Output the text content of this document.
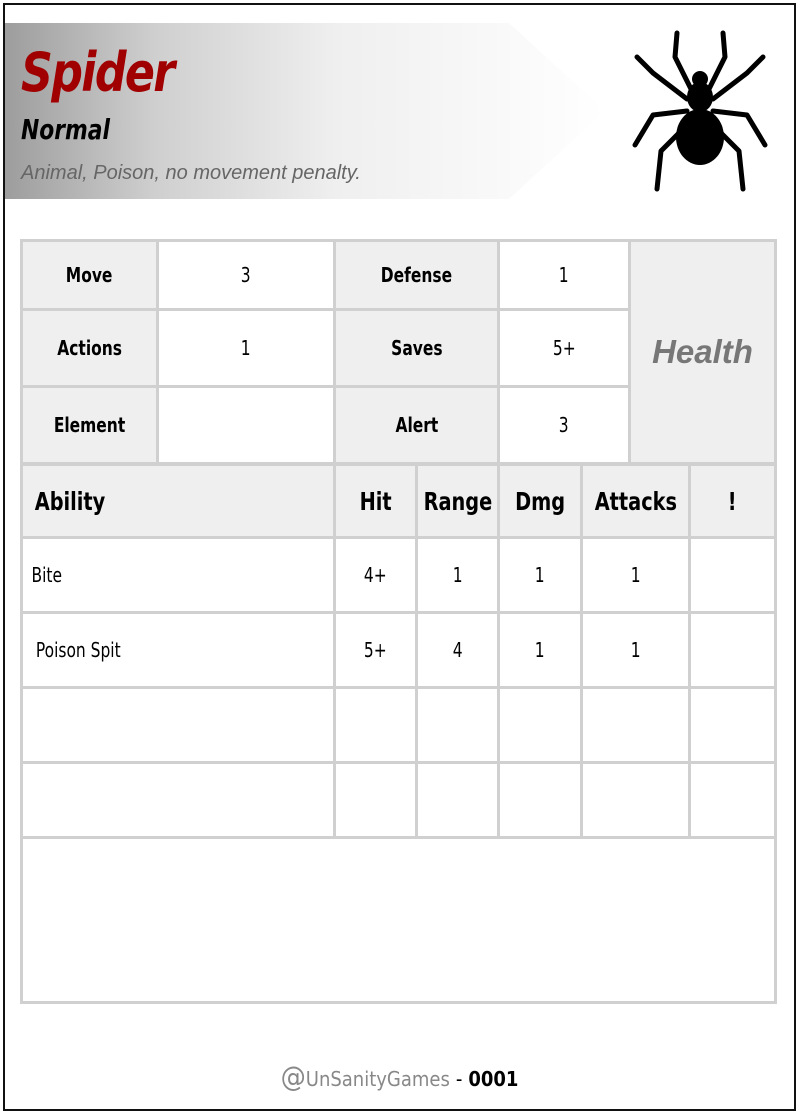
Spider
Normal

Animal, Poison, no movement penalty.

Move	3	Defense	1	Health
Actions	1	Saves	5+	
Element		Alert	3	
Ability	Hit	Range	Dmg	Attacks	!
Bite	4+	1	1	1	
Poison Spit	5+	4	1	1	

@UnSanityGames - 0001
